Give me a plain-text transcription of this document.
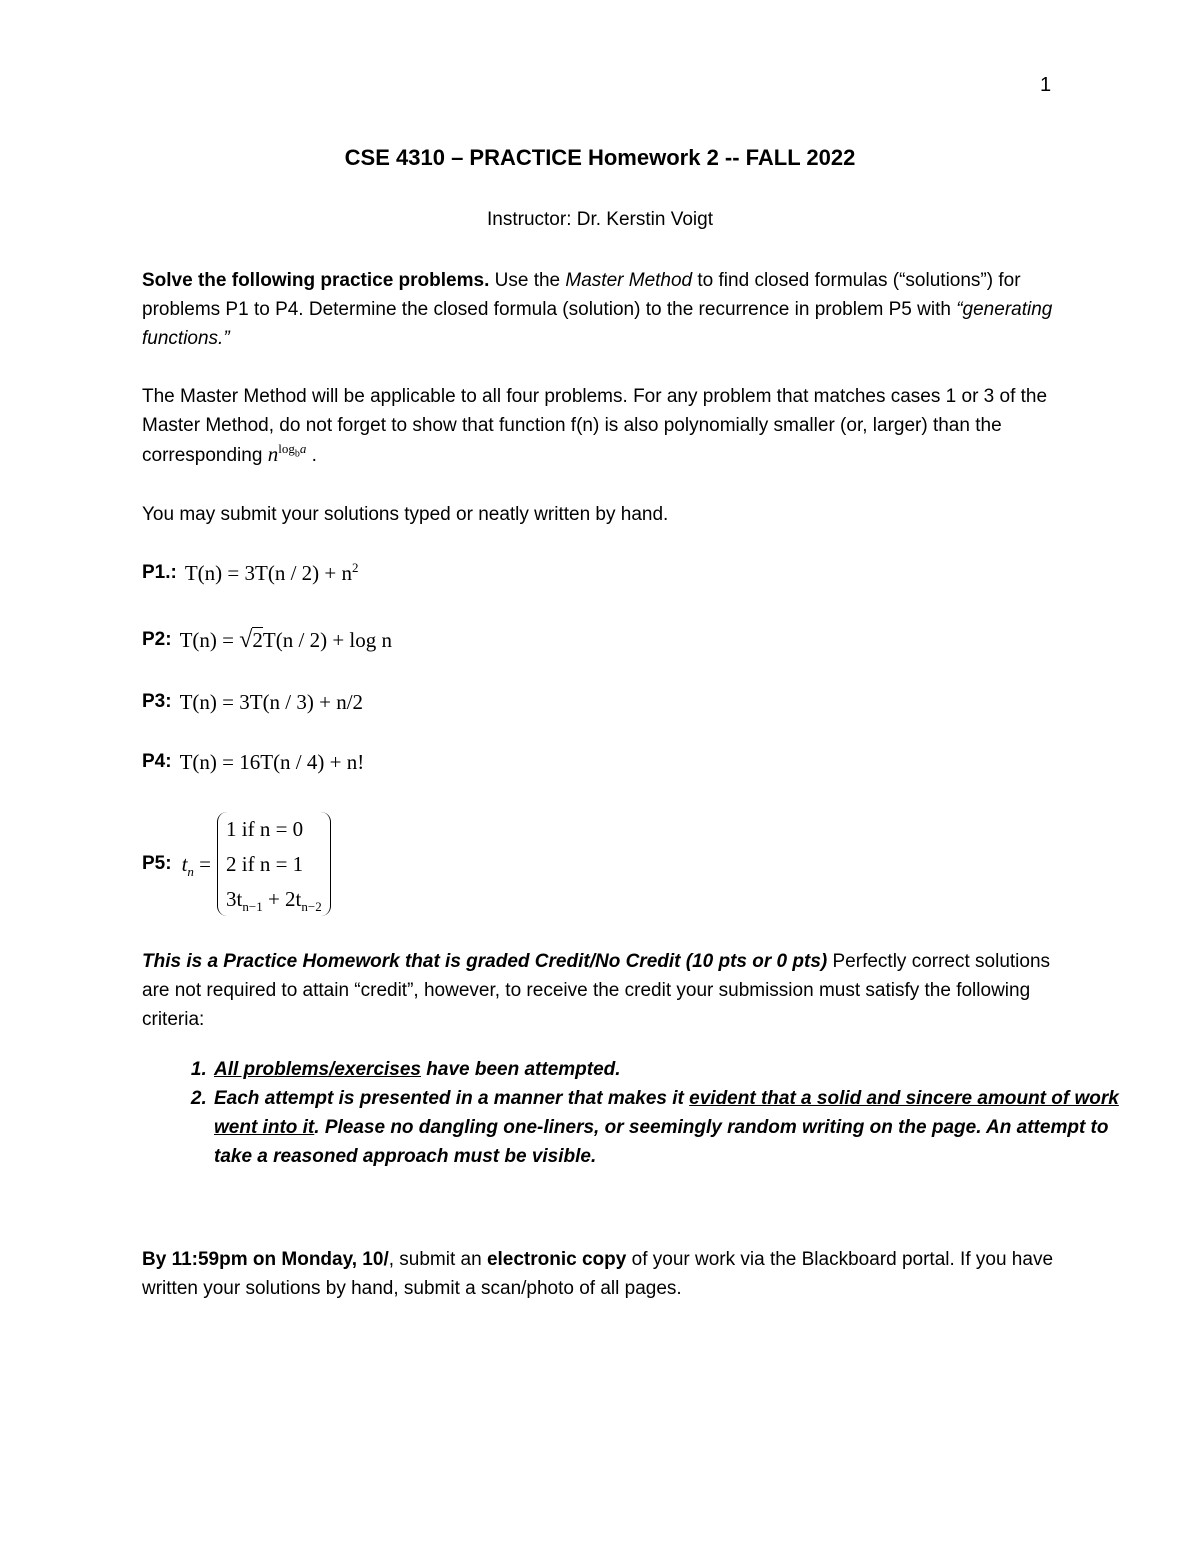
1
CSE 4310 – PRACTICE Homework 2 -- FALL 2022
Instructor: Dr. Kerstin Voigt

Solve the following practice problems. Use the Master Method to find closed formulas (“solutions”) for problems P1 to P4. Determine the closed formula (solution) to the recurrence in problem P5 with “generating functions.”

The Master Method will be applicable to all four problems. For any problem that matches cases 1 or 3 of the Master Method, do not forget to show that function f(n) is also polynomially smaller (or, larger) than the corresponding $n^{log_ba}$ .

You may submit your solutions typed or neatly written by hand.

P1.: $T(n) = 3T(n / 2) + n^2$
P2: T(n) = √2T(n / 2) + log n
P3: T(n) = 3T(n / 3) + n/2
P4: T(n) = 16T(n / 4) + n!
P5: $t_n$ =
1 if n = 0
2 if n = 1
$3t_{n-1} + 2t_{n-2}$

This is a Practice Homework that is graded Credit/No Credit (10 pts or 0 pts) Perfectly correct solutions are not required to attain “credit”, however, to receive the credit your submission must satisfy the following criteria:

1. All problems/exercises have been attempted.
2. Each attempt is presented in a manner that makes it evident that a solid and sincere amount of work went into it. Please no dangling one-liners, or seemingly random writing on the page. An attempt to take a reasoned approach must be visible.

By 11:59pm on Monday, 10/, submit an electronic copy of your work via the Blackboard portal. If you have written your solutions by hand, submit a scan/photo of all pages.
